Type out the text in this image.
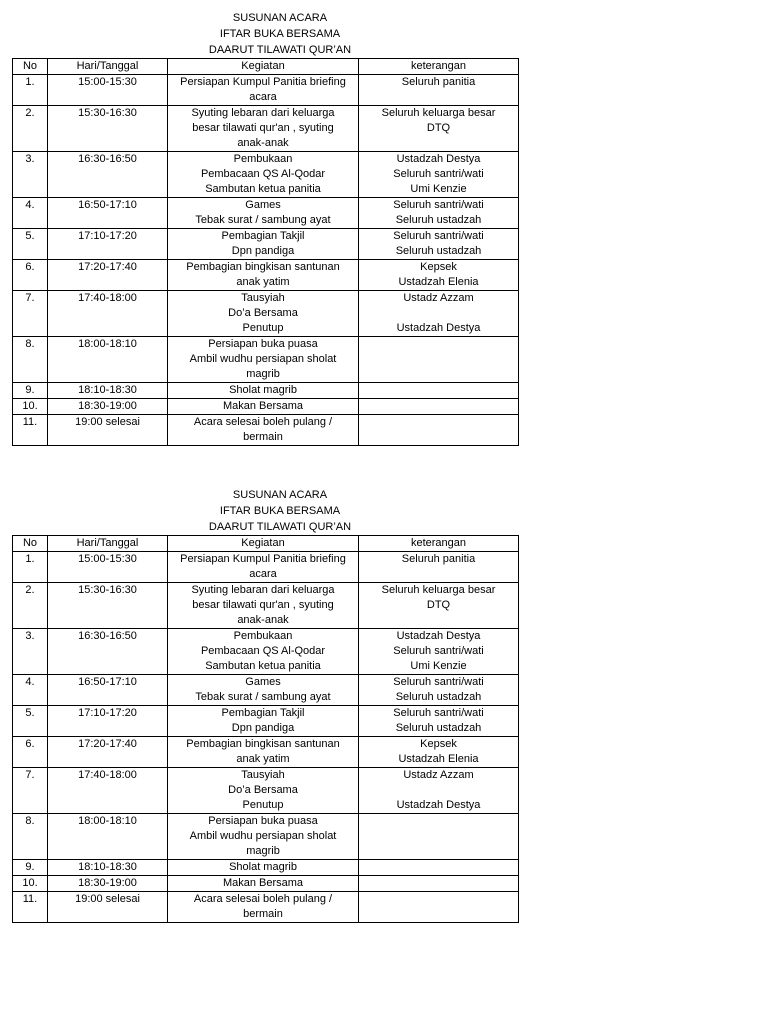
SUSUNAN ACARA
IFTAR BUKA BERSAMA
DAARUT TILAWATI QUR’AN
No	Hari/Tanggal	Kegiatan	keterangan
1.	15:00-15:30	Persiapan Kumpul Panitia briefing
acara	Seluruh panitia
2.	15:30-16:30	Syuting lebaran dari keluarga
besar tilawati qur'an , syuting
anak-anak	Seluruh keluarga besar
DTQ
3.	16:30-16:50	Pembukaan
Pembacaan QS Al-Qodar
Sambutan ketua panitia	Ustadzah Destya
Seluruh santri/wati
Umi Kenzie
4.	16:50-17:10	Games
Tebak surat / sambung ayat	Seluruh santri/wati
Seluruh ustadzah
5.	17:10-17:20	Pembagian Takjil
Dpn pandiga	Seluruh santri/wati
Seluruh ustadzah
6.	17:20-17:40	Pembagian bingkisan santunan
anak yatim	Kepsek
Ustadzah Elenia
7.	17:40-18:00	Tausyiah
Do’a Bersama
Penutup	Ustadz Azzam

Ustadzah Destya
8.	18:00-18:10	Persiapan buka puasa
Ambil wudhu persiapan sholat
magrib	
9.	18:10-18:30	Sholat magrib	
10.	18:30-19:00	Makan Bersama	
11.	19:00 selesai	Acara selesai boleh pulang /
bermain	
SUSUNAN ACARA
IFTAR BUKA BERSAMA
DAARUT TILAWATI QUR’AN
No	Hari/Tanggal	Kegiatan	keterangan
1.	15:00-15:30	Persiapan Kumpul Panitia briefing
acara	Seluruh panitia
2.	15:30-16:30	Syuting lebaran dari keluarga
besar tilawati qur'an , syuting
anak-anak	Seluruh keluarga besar
DTQ
3.	16:30-16:50	Pembukaan
Pembacaan QS Al-Qodar
Sambutan ketua panitia	Ustadzah Destya
Seluruh santri/wati
Umi Kenzie
4.	16:50-17:10	Games
Tebak surat / sambung ayat	Seluruh santri/wati
Seluruh ustadzah
5.	17:10-17:20	Pembagian Takjil
Dpn pandiga	Seluruh santri/wati
Seluruh ustadzah
6.	17:20-17:40	Pembagian bingkisan santunan
anak yatim	Kepsek
Ustadzah Elenia
7.	17:40-18:00	Tausyiah
Do’a Bersama
Penutup	Ustadz Azzam

Ustadzah Destya
8.	18:00-18:10	Persiapan buka puasa
Ambil wudhu persiapan sholat
magrib	
9.	18:10-18:30	Sholat magrib	
10.	18:30-19:00	Makan Bersama	
11.	19:00 selesai	Acara selesai boleh pulang /
bermain	
